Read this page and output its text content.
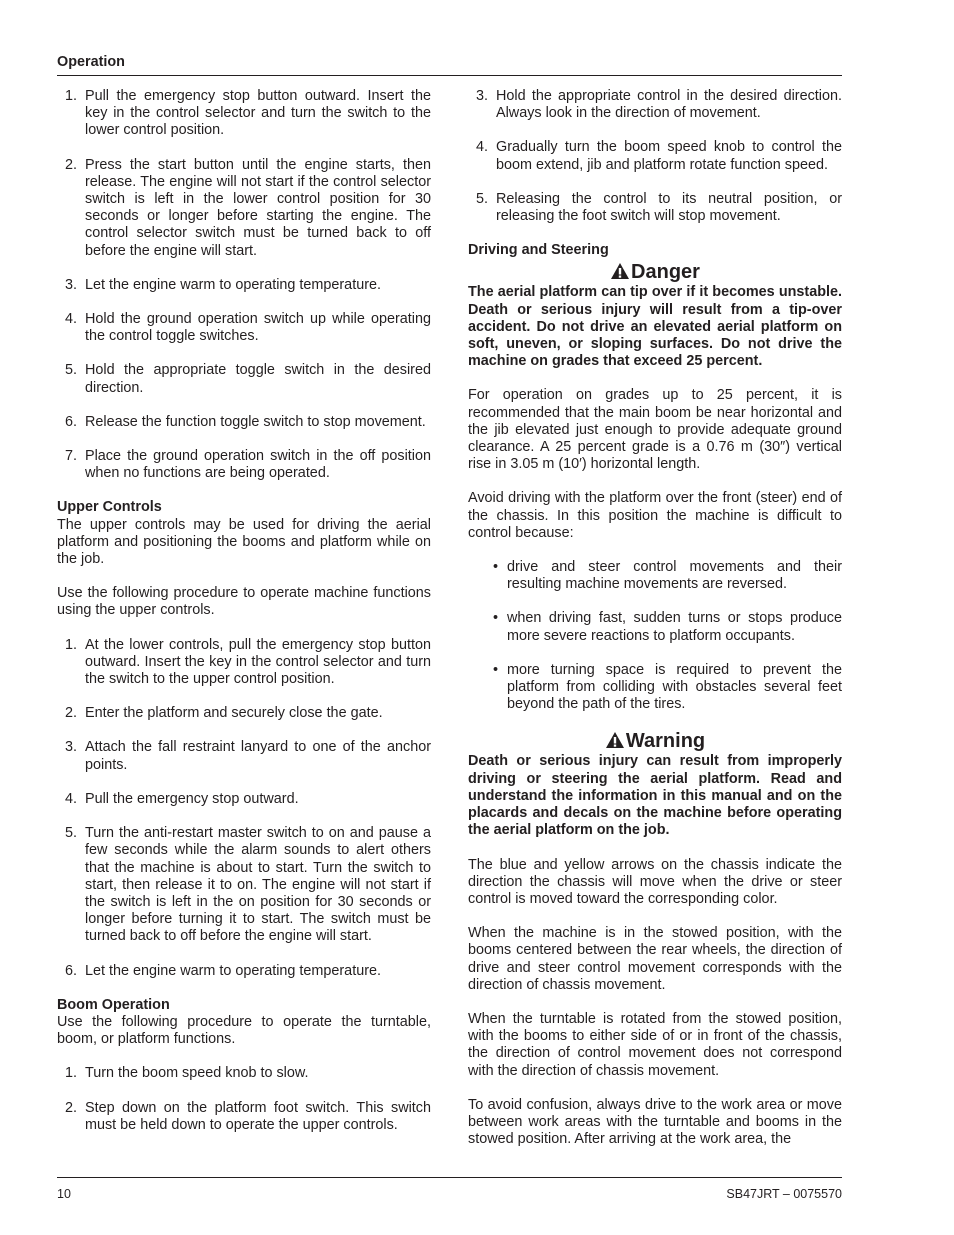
Operation
1. Pull the emergency stop button outward. Insert the key in the control selector and turn the switch to the lower control position.
2. Press the start button until the engine starts, then release. The engine will not start if the control selector switch is left in the lower control position for 30 seconds or longer before starting the engine. The control selector switch must be turned back to off before the engine will start.
3. Let the engine warm to operating temperature.
4. Hold the ground operation switch up while operating the control toggle switches.
5. Hold the appropriate toggle switch in the desired direction.
6. Release the function toggle switch to stop movement.
7. Place the ground operation switch in the off position when no functions are being operated.
Upper Controls

The upper controls may be used for driving the aerial platform and positioning the booms and platform while on the job.

Use the following procedure to operate machine functions using the upper controls.

1. At the lower controls, pull the emergency stop button outward. Insert the key in the control selector and turn the switch to the upper control position.
2. Enter the platform and securely close the gate.
3. Attach the fall restraint lanyard to one of the anchor points.
4. Pull the emergency stop outward.
5. Turn the anti-restart master switch to on and pause a few seconds while the alarm sounds to alert others that the machine is about to start. Turn the switch to start, then release it to on. The engine will not start if the switch is left in the on position for 30 seconds or longer before turning it to start. The switch must be turned back to off before the engine will start.
6. Let the engine warm to operating temperature.
Boom Operation

Use the following procedure to operate the turntable, boom, or platform functions.

1. Turn the boom speed knob to slow.
2. Step down on the platform foot switch. This switch must be held down to operate the upper controls.
3. Hold the appropriate control in the desired direction. Always look in the direction of movement.
4. Gradually turn the boom speed knob to control the boom extend, jib and platform rotate function speed.
5. Releasing the control to its neutral position, or releasing the foot switch will stop movement.
Driving and Steering
Danger
The aerial platform can tip over if it becomes unstable. Death or serious injury will result from a tip-over accident. Do not drive an elevated aerial platform on soft, uneven, or sloping surfaces. Do not drive the machine on grades that exceed 25 percent.

For operation on grades up to 25 percent, it is recommended that the main boom be near horizontal and the jib elevated just enough to provide adequate ground clearance. A 25 percent grade is a 0.76 m (30″) vertical rise in 3.05 m (10′) horizontal length.

Avoid driving with the platform over the front (steer) end of the chassis. In this position the machine is difficult to control because:

• drive and steer control movements and their resulting machine movements are reversed.
• when driving fast, sudden turns or stops produce more severe reactions to platform occupants.
• more turning space is required to prevent the platform from colliding with obstacles several feet beyond the path of the tires.
Warning
Death or serious injury can result from improperly driving or steering the aerial platform. Read and understand the information in this manual and on the placards and decals on the machine before operating the aerial platform on the job.

The blue and yellow arrows on the chassis indicate the direction the chassis will move when the drive or steer control is moved toward the corresponding color.

When the machine is in the stowed position, with the booms centered between the rear wheels, the direction of drive and steer control movement corresponds with the direction of chassis movement.

When the turntable is rotated from the stowed position, with the booms to either side of or in front of the chassis, the direction of control movement does not correspond with the direction of chassis movement.

To avoid confusion, always drive to the work area or move between work areas with the turntable and booms in the stowed position. After arriving at the work area, the

10	SB47JRT – 0075570
